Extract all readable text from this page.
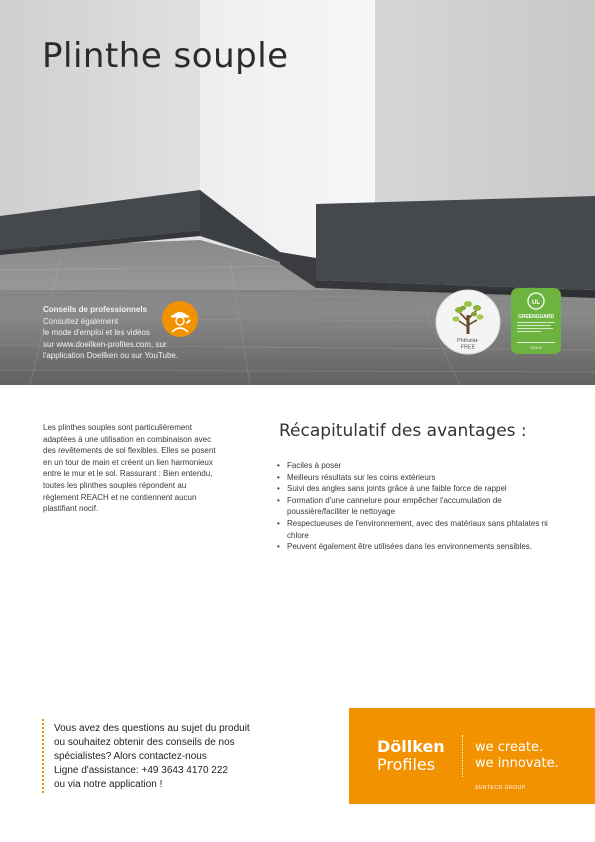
Plinthe souple
Conseils de professionnels
Consultez également
le mode d'emploi et les vidéos
sur www.doellken-profiles.com, sur
l'application Doellken ou sur YouTube.
Phthalat-
FREE
UL
GREENGUARD
GOLD

Les plinthes souples sont particulièrement adaptées à une utilisation en combinaison avec des revêtements de sol flexibles. Elles se posent en un tour de main et créent un lien harmonieux entre le mur et le sol. Rassurant : Bien entendu, toutes les plinthes souples répondent au règlement REACH et ne contiennent aucun plastifiant nocif.

Récapitulatif des avantages :
• Faciles à poser
• Meilleurs résultats sur les coins extérieurs
• Suivi des angles sans joints grâce à une faible force de rappel
• Formation d'une cannelure pour empêcher l'accumulation de poussière/faciliter le nettoyage
• Respectueuses de l'environnement, avec des matériaux sans phtalates ni chlore
• Peuvent également être utilisées dans les environnements sensibles.
Vous avez des questions au sujet du produit
ou souhaitez obtenir des conseils de nos
spécialistes? Alors contactez-nous
Ligne d'assistance: +49 3643 4170 222
ou via notre application !
Döllken
Profiles
we create.
we innovate.
SURTECO GROUP
